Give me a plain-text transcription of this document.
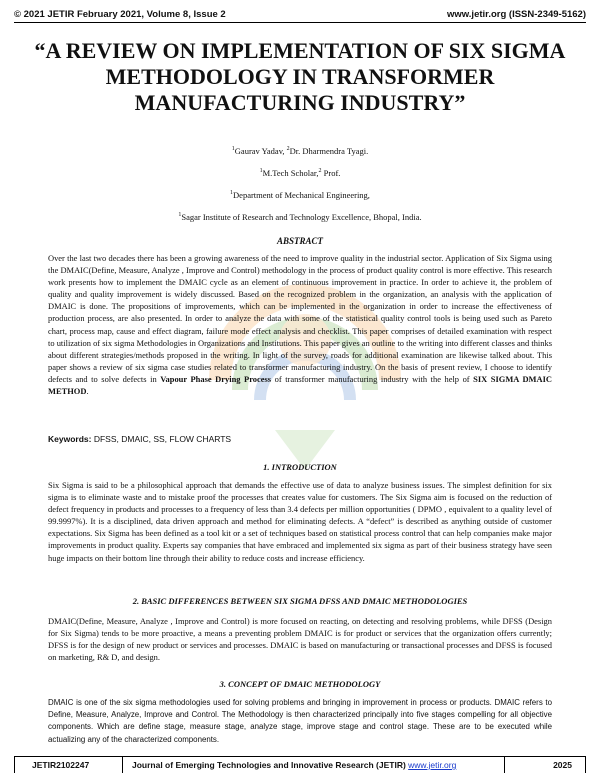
© 2021 JETIR February 2021, Volume 8, Issue 2	www.jetir.org (ISSN-2349-5162)
“A REVIEW ON IMPLEMENTATION OF SIX SIGMA METHODOLOGY IN TRANSFORMER MANUFACTURING INDUSTRY”

$^1$Gaurav Yadav, $^2$Dr. Dharmendra Tyagi.

$^1$M.Tech Scholar,$^2$ Prof.

$^1$Department of Mechanical Engineering,

$^1$Sagar Institute of Research and Technology Excellence, Bhopal, India.

ABSTRACT

Over the last two decades there has been a growing awareness of the need to improve quality in the industrial sector. Application of Six Sigma using the DMAIC(Define, Measure, Analyze , Improve and Control) methodology in the process of product quality control is more effective. This research work presents how to implement the DMAIC cycle as an element of continuous improvement in practice. In order to achieve it, the problem of quality and quality improvement is widely discussed. Based on the recognized problem in the organization, an analysis with the application of DMAIC is done. The propositions of improvements, which can be implemented in the organization in order to increase the effectiveness of production process, are also presented. In order to analyze the data with some of the statistical quality control tools is being used such as Pareto chart, process map, cause and effect diagram, failure mode effect analysis and checklist. This paper comprises of detailed examination with respect to utilization of six sigma Methodologies in Organizations and Institutions. This paper gives an outline to the writing into different classes and thinks about different strategies/methods proposed in the writing. In light of the survey, roads for additional examination are likewise talked about. This paper shows a review of six sigma case studies related to transformer manufacturing industry. On the basis of present review, I choose to identify defects and to solve defects in Vapour Phase Drying Process of transformer manufacturing industry with the help of SIX SIGMA DMAIC METHOD.

Keywords: DFSS, DMAIC, SS, FLOW CHARTS

1. INTRODUCTION

Six Sigma is said to be a philosophical approach that demands the effective use of data to analyze business issues. The simplest definition for six sigma is to eliminate waste and to mistake proof the processes that creates value for customers. The Six Sigma aim is focused on the reduction of defect frequency in products and processes to a frequency of less than 3.4 defects per million opportunities ( DPMO , equivalent to a quality level of 99.9997%). It is a disciplined, data driven approach and method for eliminating defects. A “defect” is described as anything outside of customer expectations. Six Sigma has been defined as a tool kit or a set of techniques based on statistical process control that can help companies make major improvements in product quality. Experts say companies that have embraced and implemented six sigma as part of their business strategy have seen huge impacts on their bottom line through their ability to reduce costs and increase efficiency.

2. BASIC DIFFERENCES BETWEEN SIX SIGMA DFSS AND DMAIC METHODOLOGIES

DMAIC(Define, Measure, Analyze , Improve and Control) is more focused on reacting, on detecting and resolving problems, while DFSS (Design for Six Sigma) tends to be more proactive, a means a preventing problem DMAIC is for product or services that the organization offers currently; DFSS is for the design of new product or services and processes. DMAIC is based on manufacturing or transactional processes and DFSS is focused on marketing, R& D, and design.

3. CONCEPT OF DMAIC METHODOLOGY

DMAIC is one of the six sigma methodologies used for solving problems and bringing in improvement in process or products. DMAIC refers to Define, Measure, Analyze, Improve and Control. The Methodology is then characterized principally into five stages compelling for all objective components. Which are define stage, measure stage, analyze stage, improve stage and control stage. These are to be executed while actualizing any of the characterized components.

JETIR2102247	Journal of Emerging Technologies and Innovative Research (JETIR) www.jetir.org	2025
